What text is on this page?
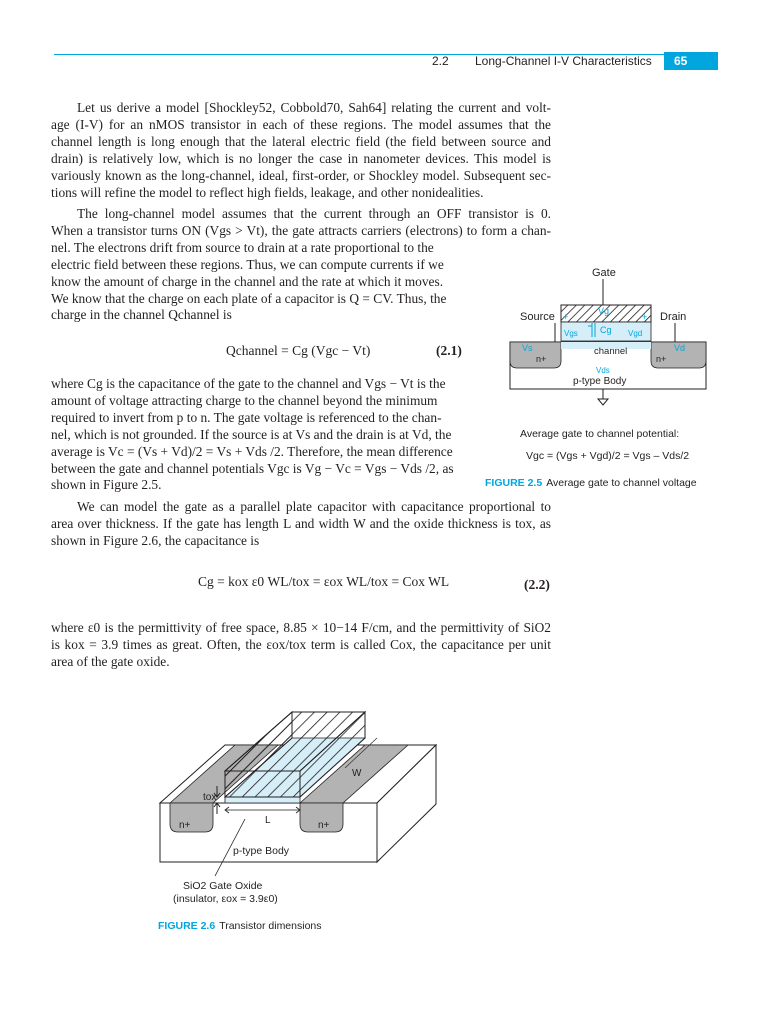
2.2 Long-Channel I-V Characteristics	65
Let us derive a model [Shockley52, Cobbold70, Sah64] relating the current and volt-
age (I-V) for an nMOS transistor in each of these regions. The model assumes that the
channel length is long enough that the lateral electric field (the field between source and
drain) is relatively low, which is no longer the case in nanometer devices. This model is
variously known as the long-channel, ideal, first-order, or Shockley model. Subsequent sec-
tions will refine the model to reflect high fields, leakage, and other nonidealities.
The long-channel model assumes that the current through an OFF transistor is 0.
When a transistor turns ON (Vgs > Vt), the gate attracts carriers (electrons) to form a chan-
nel. The electrons drift from source to drain at a rate proportional to the
electric field between these regions. Thus, we can compute currents if we
know the amount of charge in the channel and the rate at which it moves.
We know that the charge on each plate of a capacitor is Q = CV. Thus, the
charge in the channel Qchannel is
Qchannel = Cg (Vgc − Vt)	(2.1)
where Cg is the capacitance of the gate to the channel and Vgs − Vt is the
amount of voltage attracting charge to the channel beyond the minimum
required to invert from p to n. The gate voltage is referenced to the chan-
nel, which is not grounded. If the source is at Vs and the drain is at Vd, the
average is Vc = (Vs + Vd)/2 = Vs + Vds /2. Therefore, the mean difference
between the gate and channel potentials Vgc is Vg − Vc = Vgs − Vds /2, as
shown in Figure 2.5.
We can model the gate as a parallel plate capacitor with capacitance proportional to
area over thickness. If the gate has length L and width W and the oxide thickness is tox, as
shown in Figure 2.6, the capacitance is
Cg = kox ε0 WL/tox = εox WL/tox = Cox WL	(2.2)
where ε0 is the permittivity of free space, 8.85 × 10−14 F/cm, and the permittivity of SiO2
is kox = 3.9 times as great. Often, the εox/tox term is called Cox, the capacitance per unit
area of the gate oxide.
Gate
+	+
Vg
Vgs Cg Vgd
Source	Drain
Vs
n+
channel	Vd
n+
Vds
p-type Body
Average gate to channel potential:
Vgc = (Vgs + Vgd)/2 = Vgs – Vds/2
FIGURE 2.5 Average gate to channel voltage
tox
W
L
n+	n+
p-type Body
SiO2 Gate Oxide
(insulator, εox = 3.9ε0)
FIGURE 2.6 Transistor dimensions
